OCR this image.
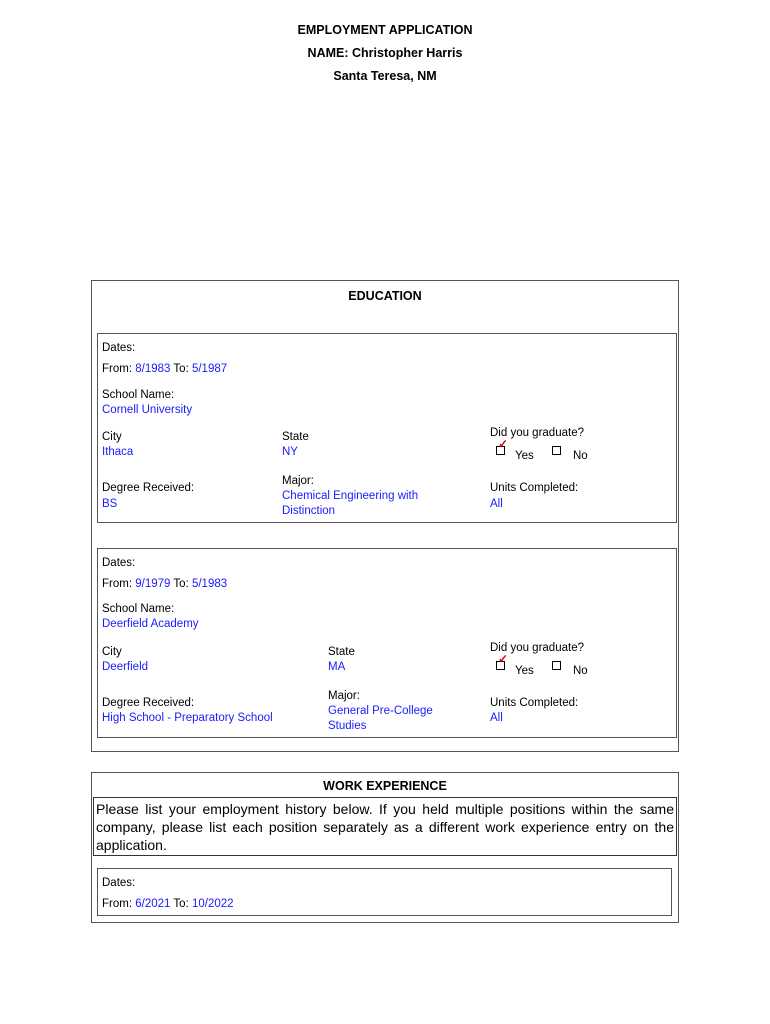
EMPLOYMENT APPLICATION
NAME: Christopher Harris
Santa Teresa, NM
EDUCATION
Dates:
From: 8/1983 To: 5/1987
School Name:
Cornell University
City
Ithaca
State
NY
Did you graduate?
✓
Yes	No
Degree Received:
BS
Major:
Chemical Engineering with Distinction
Units Completed:
All
Dates:
From: 9/1979 To: 5/1983
School Name:
Deerfield Academy
City
Deerfield
State
MA
Did you graduate?
✓
Yes	No
Degree Received:
High School - Preparatory School
Major:
General Pre-College Studies
Units Completed:
All
WORK EXPERIENCE
Please list your employment history below. If you held multiple positions within the same company, please list each position separately as a different work experience entry on the application.
Dates:
From: 6/2021 To: 10/2022
